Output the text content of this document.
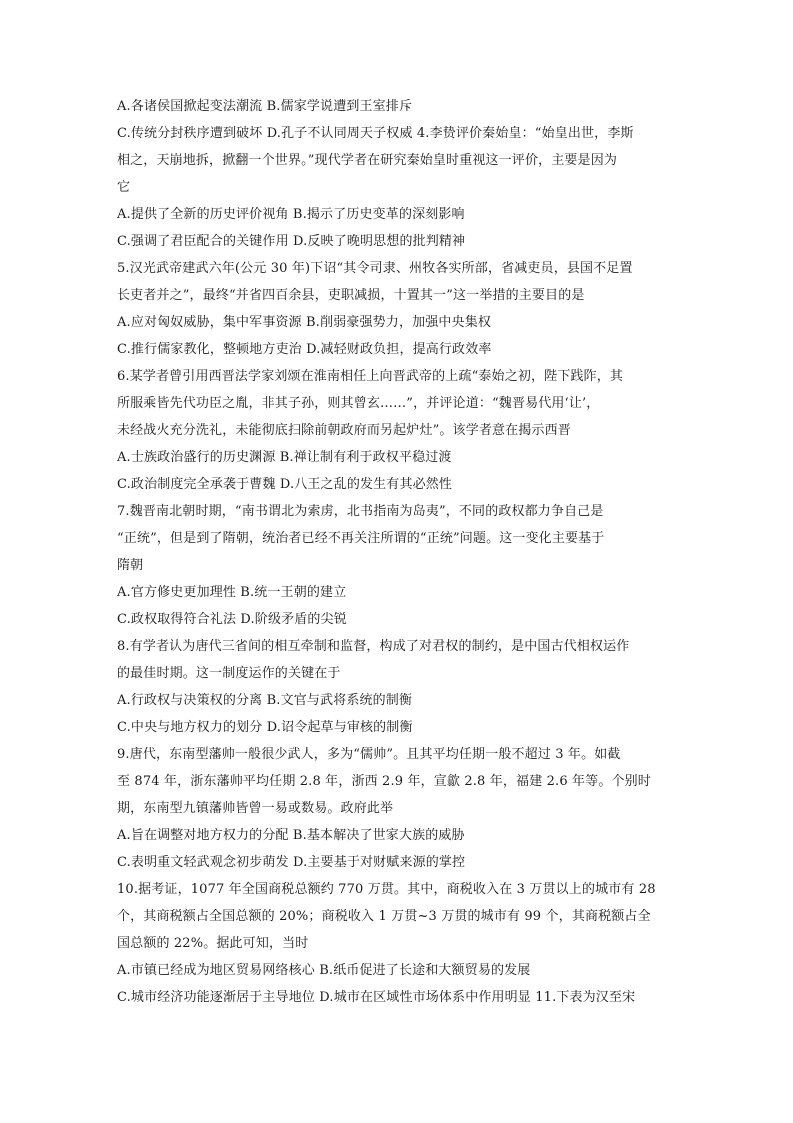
A.各诸侯国掀起变法潮流 B.儒家学说遭到王室排斥
C.传统分封秩序遭到破坏 D.孔子不认同周天子权威 4.李贽评价秦始皇：“始皇出世，李斯
相之，天崩地拆，掀翻一个世界。”现代学者在研究秦始皇时重视这一评价，主要是因为
它
A.提供了全新的历史评价视角 B.揭示了历史变革的深刻影响
C.强调了君臣配合的关键作用 D.反映了晚明思想的批判精神
5.汉光武帝建武六年(公元 30 年)下诏“其令司隶、州牧各实所部，省减吏员，县国不足置
长吏者并之”，最终“并省四百余县，吏职减损，十置其一”这一举措的主要目的是
A.应对匈奴威胁，集中军事资源 B.削弱豪强势力，加强中央集权
C.推行儒家教化，整顿地方吏治 D.减轻财政负担，提高行政效率
6.某学者曾引用西晋法学家刘颂在淮南相任上向晋武帝的上疏“泰始之初，陛下践阼，其
所服乘皆先代功臣之胤，非其子孙，则其曾玄……”，并评论道：“魏晋易代用‘让’，
未经战火充分洗礼，未能彻底扫除前朝政府而另起炉灶”。该学者意在揭示西晋
A.士族政治盛行的历史渊源 B.禅让制有利于政权平稳过渡
C.政治制度完全承袭于曹魏 D.八王之乱的发生有其必然性
7.魏晋南北朝时期，“南书谓北为索虏，北书指南为岛夷”，不同的政权都力争自己是
“正统”，但是到了隋朝，统治者已经不再关注所谓的“正统”问题。这一变化主要基于
隋朝
A.官方修史更加理性 B.统一王朝的建立
C.政权取得符合礼法 D.阶级矛盾的尖锐
8.有学者认为唐代三省间的相互牵制和监督，构成了对君权的制约，是中国古代相权运作
的最佳时期。这一制度运作的关键在于
A.行政权与决策权的分离 B.文官与武将系统的制衡
C.中央与地方权力的划分 D.诏令起草与审核的制衡
9.唐代，东南型藩帅一般很少武人，多为“儒帅”。且其平均任期一般不超过 3 年。如截
至 874 年，浙东藩帅平均任期 2.8 年，浙西 2.9 年，宣歙 2.8 年，福建 2.6 年等。个别时
期，东南型九镇藩帅皆曾一易或数易。政府此举
A.旨在调整对地方权力的分配 B.基本解决了世家大族的威胁
C.表明重文轻武观念初步萌发 D.主要基于对财赋来源的掌控
10.据考证，1077 年全国商税总额约 770 万贯。其中，商税收入在 3 万贯以上的城市有 28
个，其商税额占全国总额的 20%；商税收入 1 万贯~3 万贯的城市有 99 个，其商税额占全
国总额的 22%。据此可知，当时
A.市镇已经成为地区贸易网络核心 B.纸币促进了长途和大额贸易的发展
C.城市经济功能逐渐居于主导地位 D.城市在区域性市场体系中作用明显 11.下表为汉至宋
